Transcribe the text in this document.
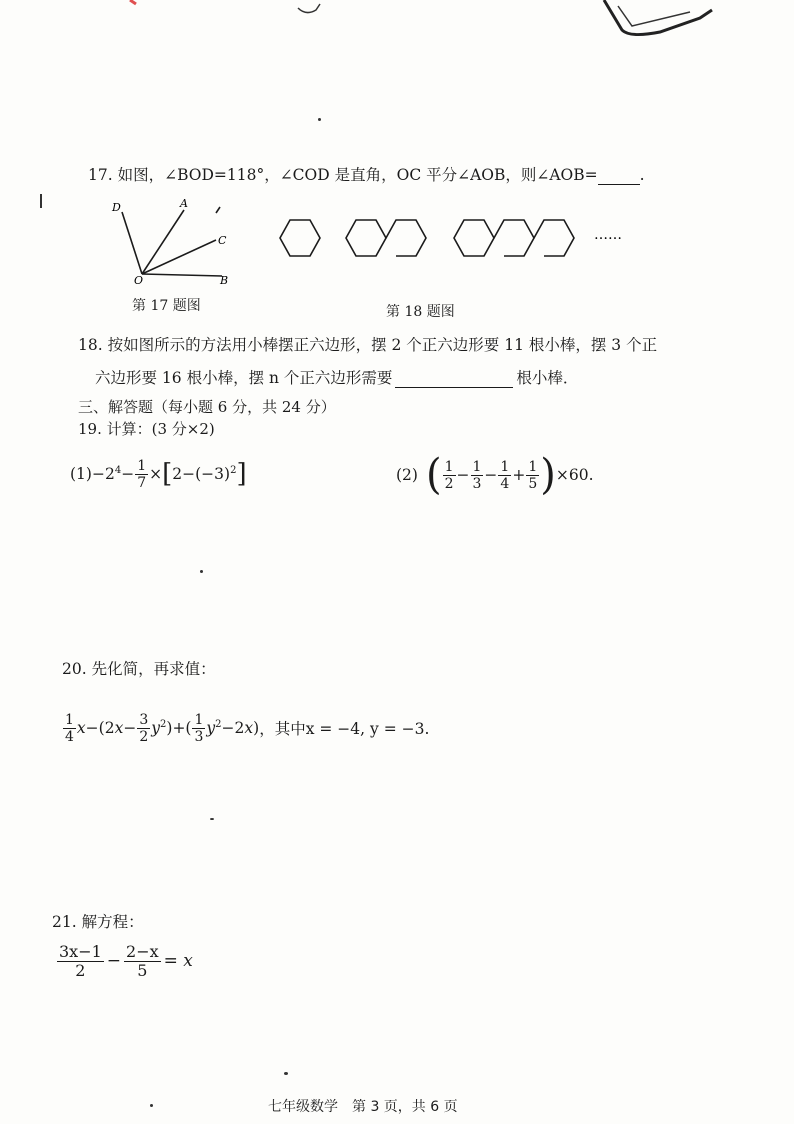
17. 如图，∠BOD=118°，∠COD 是直角，OC 平分∠AOB，则∠AOB=	.
D	A
C
O	B
第 17 题图
……
第 18 题图
18. 按如图所示的方法用小棒摆正六边形，摆 2 个正六边形要 11 根小棒，摆 3 个正
六边形要 16 根小棒，摆 n 个正六边形需要	根小棒．
三、解答题（每小题 6 分，共 24 分）
19. 计算：(3 分×2)
$(1) -2^4- \frac{1}{7}$ × [ $2-(-3)^2$ ]	(2) ( $\frac{1}{2} - \frac{1}{3} - \frac{1}{4} + \frac{1}{5}$ ) ×60.
20. 先化简，再求值：
$\frac{1}{4} x-(2x- \frac{3}{2} y^2)+( \frac{1}{3} y^2-2x)$ ，其中x = −4, y = −3.
21. 解方程：
$\frac{3x-1}{2} - \frac{2-x}{5} = x$
七年级数学　第 3 页，共 6 页
